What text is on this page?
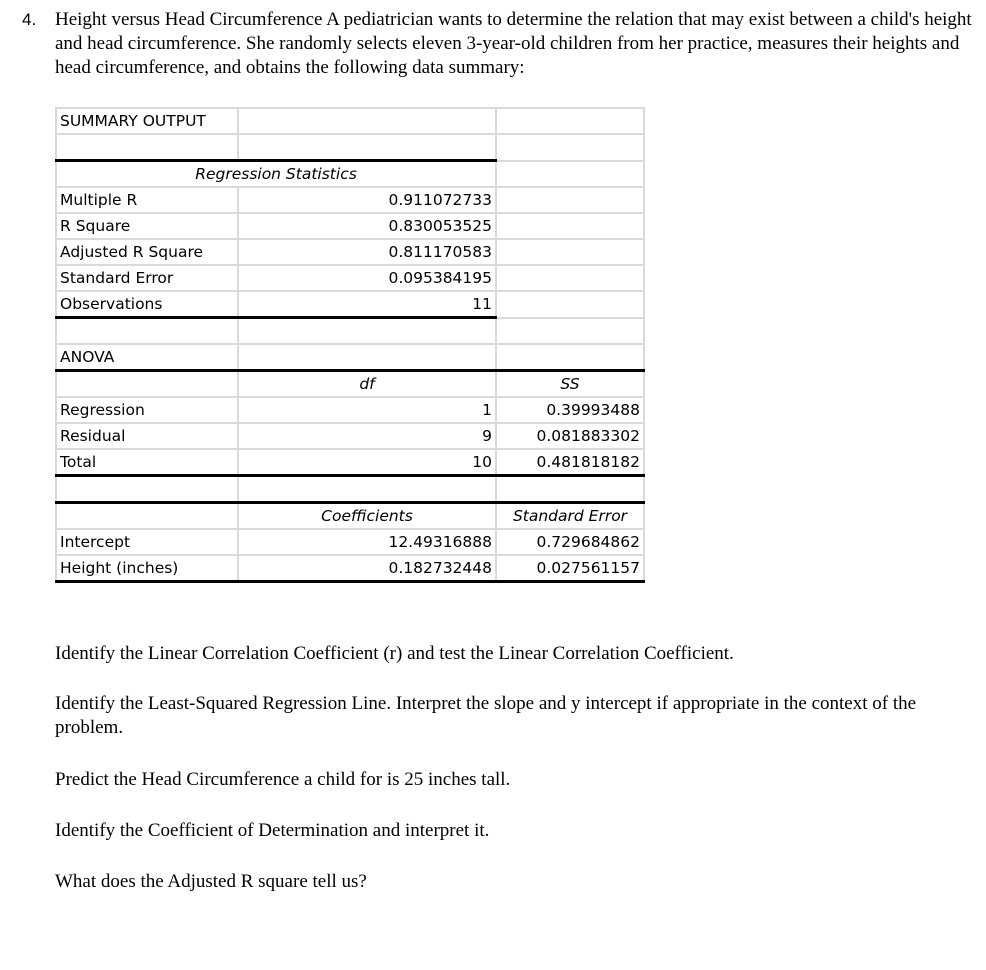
4. Height versus Head Circumference A pediatrician wants to determine the relation that may exist between a child's height and head circumference. She randomly selects eleven 3-year-old children from her practice, measures their heights and head circumference, and obtains the following data summary:
SUMMARY OUTPUT		

Regression Statistics		
Multiple R	0.911072733	
R Square	0.830053525	
Adjusted R Square	0.811170583	
Standard Error	0.095384195	
Observations	11	

ANOVA		
	df	SS
Regression	1	0.39993488
Residual	9	0.081883302
Total	10	0.481818182

	Coefficients	Standard Error
Intercept	12.49316888	0.729684862
Height (inches)	0.182732448	0.027561157
Identify the Linear Correlation Coefficient (r) and test the Linear Correlation Coefficient.
Identify the Least-Squared Regression Line. Interpret the slope and y intercept if appropriate in the context of the problem.
Predict the Head Circumference a child for is 25 inches tall.
Identify the Coefficient of Determination and interpret it.
What does the Adjusted R square tell us?
